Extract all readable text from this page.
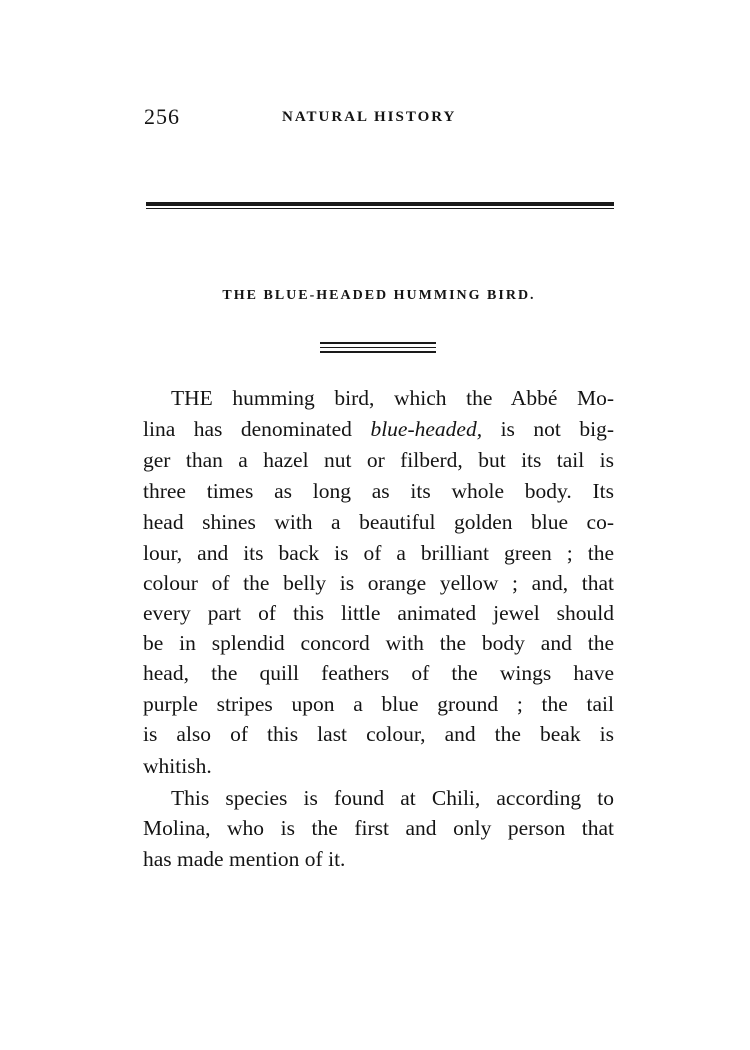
256	NATURAL HISTORY
THE BLUE-HEADED HUMMING BIRD.
THE humming bird, which the Abbé Mo-
lina has denominated blue-headed, is not big-
ger than a hazel nut or filberd, but its tail is
three times as long as its whole body. Its
head shines with a beautiful golden blue co-
lour, and its back is of a brilliant green ; the
colour of the belly is orange yellow ; and, that
every part of this little animated jewel should
be in splendid concord with the body and the
head, the quill feathers of the wings have
purple stripes upon a blue ground ; the tail
is also of this last colour, and the beak is
whitish.
This species is found at Chili, according to
Molina, who is the first and only person that
has made mention of it.
